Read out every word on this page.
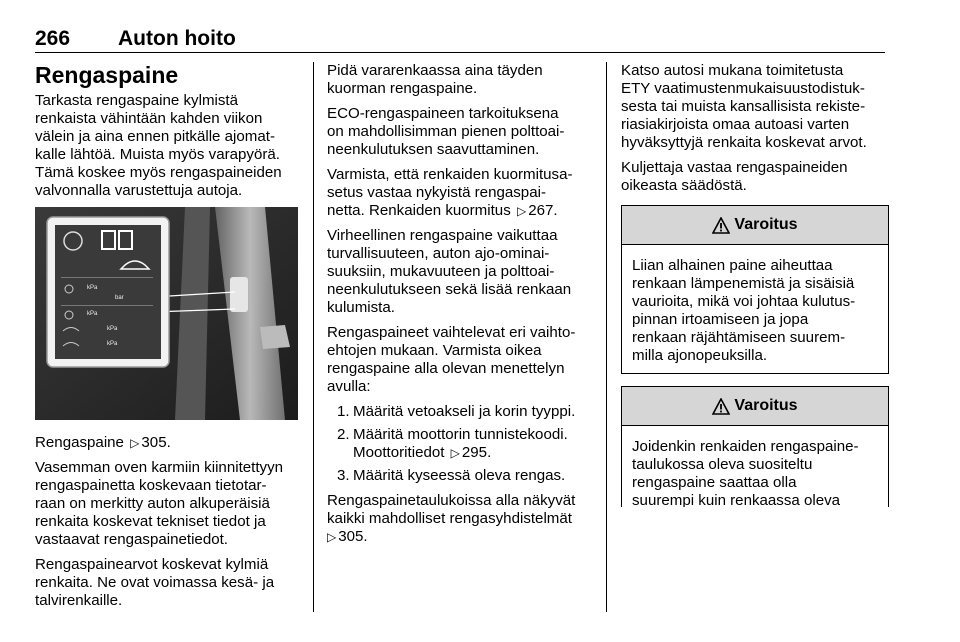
266 Auton hoito
Rengaspaine

Tarkasta rengaspaine kylmistä
renkaista vähintään kahden viikon
välein ja aina ennen pitkälle ajomat-
kalle lähtöä. Muista myös varapyörä.
Tämä koskee myös rengaspaineiden
valvonnalla varustettuja autoja.

kPa
bar
kPa
kPa
kPa

Rengaspaine ▷ 305.

Vasemman oven karmiin kiinnitettyyn
rengaspainetta koskevaan tietotar-
raan on merkitty auton alkuperäisiä
renkaita koskevat tekniset tiedot ja
vastaavat rengaspainetiedot.

Rengaspainearvot koskevat kylmiä
renkaita. Ne ovat voimassa kesä- ja
talvirenkaille.

Pidä vararenkaassa aina täyden
kuorman rengaspaine.

ECO-rengaspaineen tarkoituksena
on mahdollisimman pienen polttoai-
neenkulutuksen saavuttaminen.

Varmista, että renkaiden kuormitusa-
setus vastaa nykyistä rengaspai-
netta. Renkaiden kuormitus ▷ 267.

Virheellinen rengaspaine vaikuttaa
turvallisuuteen, auton ajo-ominai-
suuksiin, mukavuuteen ja polttoai-
neenkulutukseen sekä lisää renkaan
kulumista.

Rengaspaineet vaihtelevat eri vaihto-
ehtojen mukaan. Varmista oikea
rengaspaine alla olevan menettelyn
avulla:

1. Määritä vetoakseli ja korin tyyppi.
2. Määritä moottorin tunnistekoodi.
Moottoritiedot ▷ 295.
3. Määritä kyseessä oleva rengas.

Rengaspainetaulukoissa alla näkyvät
kaikki mahdolliset rengasyhdistelmät
▷ 305.

Katso autosi mukana toimitetusta
ETY vaatimustenmukaisuustodistuk-
sesta tai muista kansallisista rekiste-
riasiakirjoista omaa autoasi varten
hyväksyttyjä renkaita koskevat arvot.

Kuljettaja vastaa rengaspaineiden
oikeasta säädöstä.

Varoitus
Liian alhainen paine aiheuttaa
renkaan lämpenemistä ja sisäisiä
vaurioita, mikä voi johtaa kulutus-
pinnan irtoamiseen ja jopa
renkaan räjähtämiseen suurem-
milla ajonopeuksilla.
Varoitus
Joidenkin renkaiden rengaspaine-
taulukossa oleva suositeltu
rengaspaine saattaa olla
suurempi kuin renkaassa oleva
